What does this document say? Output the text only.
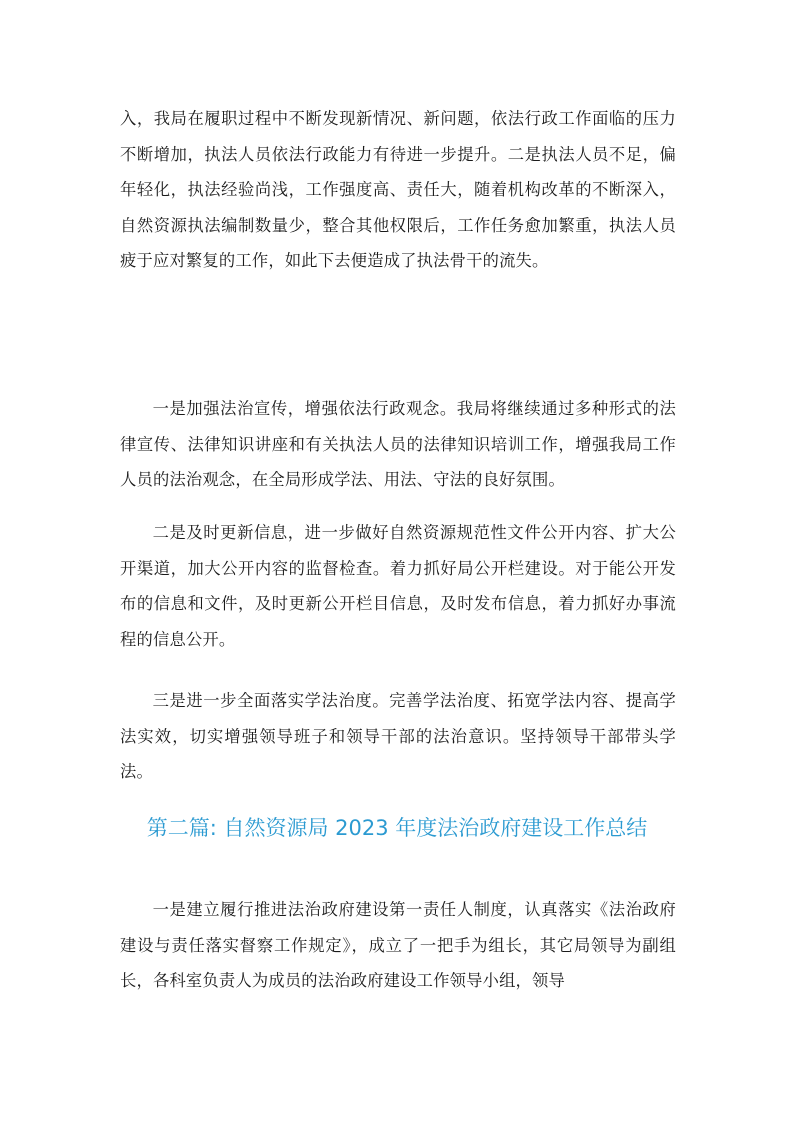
入，我局在履职过程中不断发现新情况、新问题，依法行政工作面临的压力不断增加，执法人员依法行政能力有待进一步提升。二是执法人员不足，偏年轻化，执法经验尚浅，工作强度高、责任大，随着机构改革的不断深入，自然资源执法编制数量少，整合其他权限后，工作任务愈加繁重，执法人员疲于应对繁复的工作，如此下去便造成了执法骨干的流失。

一是加强法治宣传，增强依法行政观念。我局将继续通过多种形式的法律宣传、法律知识讲座和有关执法人员的法律知识培训工作，增强我局工作人员的法治观念，在全局形成学法、用法、守法的良好氛围。

二是及时更新信息，进一步做好自然资源规范性文件公开内容、扩大公开渠道，加大公开内容的监督检查。着力抓好局公开栏建设。对于能公开发布的信息和文件，及时更新公开栏目信息，及时发布信息，着力抓好办事流程的信息公开。

三是进一步全面落实学法治度。完善学法治度、拓宽学法内容、提高学法实效，切实增强领导班子和领导干部的法治意识。坚持领导干部带头学法。

第二篇: 自然资源局 2023 年度法治政府建设工作总结

一是建立履行推进法治政府建设第一责任人制度，认真落实《法治政府建设与责任落实督察工作规定》，成立了一把手为组长，其它局领导为副组长，各科室负责人为成员的法治政府建设工作领导小组，领导
